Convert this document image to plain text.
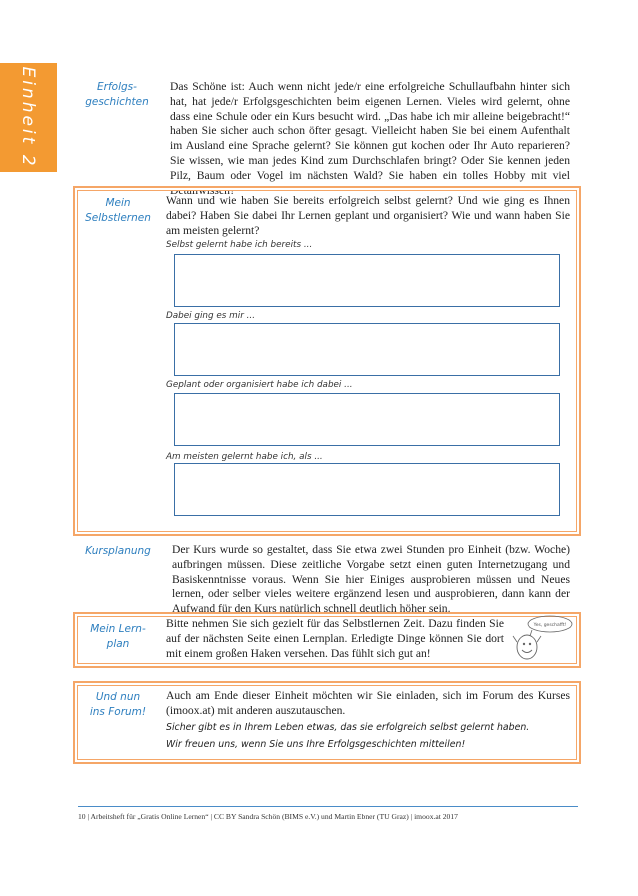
Einheit 2	Erfolgs-
geschichten
Das Schöne ist: Auch wenn nicht jede/r eine erfolgreiche Schullaufbahn hinter sich hat, hat jede/r Erfolgsgeschichten beim eigenen Lernen. Vieles wird gelernt, ohne dass eine Schule oder ein Kurs besucht wird. „Das habe ich mir alleine beigebracht!“ haben Sie sicher auch schon öfter gesagt. Vielleicht haben Sie bei einem Aufenthalt im Ausland eine Sprache gelernt? Sie können gut kochen oder Ihr Auto reparieren? Sie wissen, wie man jedes Kind zum Durchschlafen bringt? Oder Sie kennen jeden Pilz, Baum oder Vogel im nächsten Wald? Sie haben ein tolles Hobby mit viel Detailwissen?
Mein
Selbstlernen
Wann und wie haben Sie bereits erfolgreich selbst gelernt? Und wie ging es Ihnen dabei? Haben Sie dabei Ihr Lernen geplant und organisiert? Wie und wann haben Sie am meisten gelernt?
Selbst gelernt habe ich bereits ...
Dabei ging es mir ...
Geplant oder organisiert habe ich dabei ...
Am meisten gelernt habe ich, als ...
Kursplanung	Der Kurs wurde so gestaltet, dass Sie etwa zwei Stunden pro Einheit (bzw. Woche) aufbringen müssen. Diese zeitliche Vorgabe setzt einen guten Internetzugang und Basiskenntnisse voraus. Wenn Sie hier Einiges ausprobieren müssen und Neues lernen, oder selber vieles weitere ergänzend lesen und ausprobieren, dann kann der Aufwand für den Kurs natürlich schnell deutlich höher sein.
Mein Lern-
plan
Bitte nehmen Sie sich gezielt für das Selbstlernen Zeit. Dazu finden Sie auf der nächsten Seite einen Lernplan. Erledigte Dinge können Sie dort mit einem großen Haken versehen. Das fühlt sich gut an!
Yes, geschafft!
Und nun
ins Forum!
Auch am Ende dieser Einheit möchten wir Sie einladen, sich im Forum des Kurses (imoox.at) mit anderen auszutauschen.
Sicher gibt es in Ihrem Leben etwas, das sie erfolgreich selbst gelernt haben.
Wir freuen uns, wenn Sie uns Ihre Erfolgsgeschichten mitteilen!
10 | Arbeitsheft für „Gratis Online Lernen“ | CC BY Sandra Schön (BIMS e.V.) und Martin Ebner (TU Graz) | imoox.at 2017
